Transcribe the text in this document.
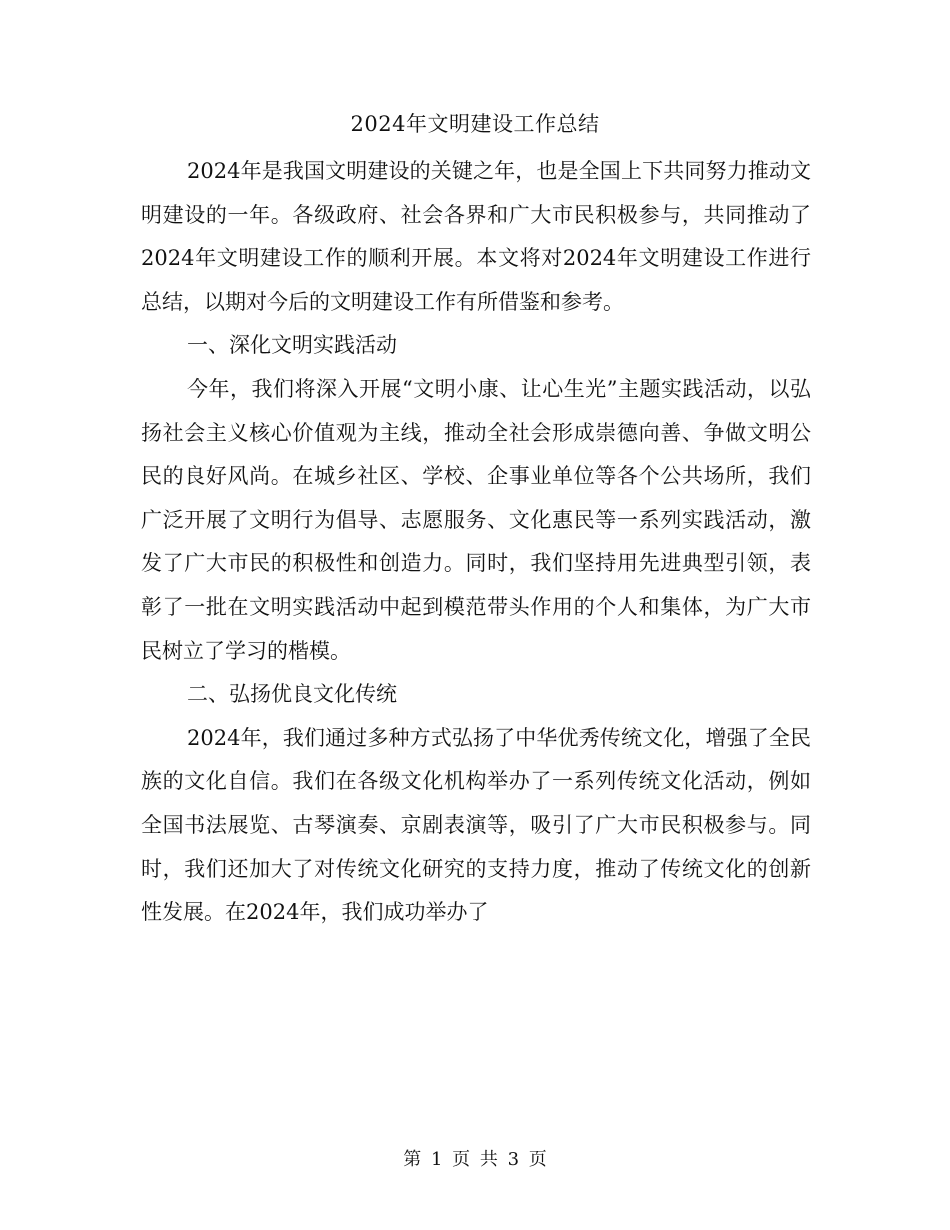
2024年文明建设工作总结

2024年是我国文明建设的关键之年，也是全国上下共同努力推动文明建设的一年。各级政府、社会各界和广大市民积极参与，共同推动了2024年文明建设工作的顺利开展。本文将对2024年文明建设工作进行总结，以期对今后的文明建设工作有所借鉴和参考。

一、深化文明实践活动

今年，我们将深入开展“文明小康、让心生光”主题实践活动，以弘扬社会主义核心价值观为主线，推动全社会形成崇德向善、争做文明公民的良好风尚。在城乡社区、学校、企事业单位等各个公共场所，我们广泛开展了文明行为倡导、志愿服务、文化惠民等一系列实践活动，激发了广大市民的积极性和创造力。同时，我们坚持用先进典型引领，表彰了一批在文明实践活动中起到模范带头作用的个人和集体，为广大市民树立了学习的楷模。

二、弘扬优良文化传统

2024年，我们通过多种方式弘扬了中华优秀传统文化，增强了全民族的文化自信。我们在各级文化机构举办了一系列传统文化活动，例如全国书法展览、古琴演奏、京剧表演等，吸引了广大市民积极参与。同时，我们还加大了对传统文化研究的支持力度，推动了传统文化的创新性发展。在2024年，我们成功举办了

第 1 页 共 3 页
